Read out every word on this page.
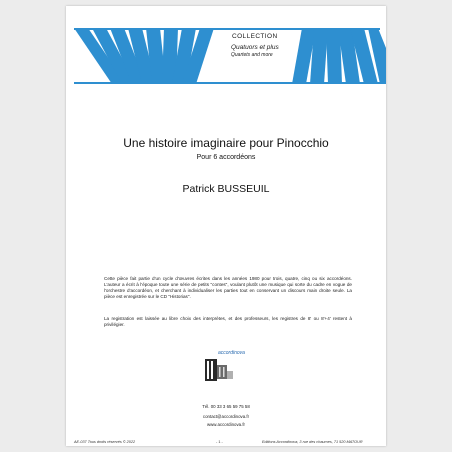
COLLECTION
Quatuors et plus
Quartets and more
Une histoire imaginaire pour Pinocchio
Pour 6 accordéons
Patrick BUSSEUIL
Cette pièce fait partie d'un cycle d'œuvres écrites dans les années 1980 pour trois, quatre, cinq ou six accordéons. L'auteur a écrit à l'époque toute une série de petits "contes", voulant plutôt une musique qui sorte du cadre en vogue de l'orchestre d'accordéon, et cherchant à individualiser les parties tout en conservant un discours main droite seule. La pièce est enregistrée sur le CD "Historias".
La registration est laissée au libre choix des interprètes, et des professeurs, les registres de 8' ou 8'+4' restent à privilégier.
accordinova
Tél. 00 33 3 65 59 75 58
contact@accordinova.fr
www.accordinova.fr
AE-037 Tous droits réservés © 2022	- 1 -	Editions Accordinova, 3 rue des chaumes, 71 520 MATOUR
